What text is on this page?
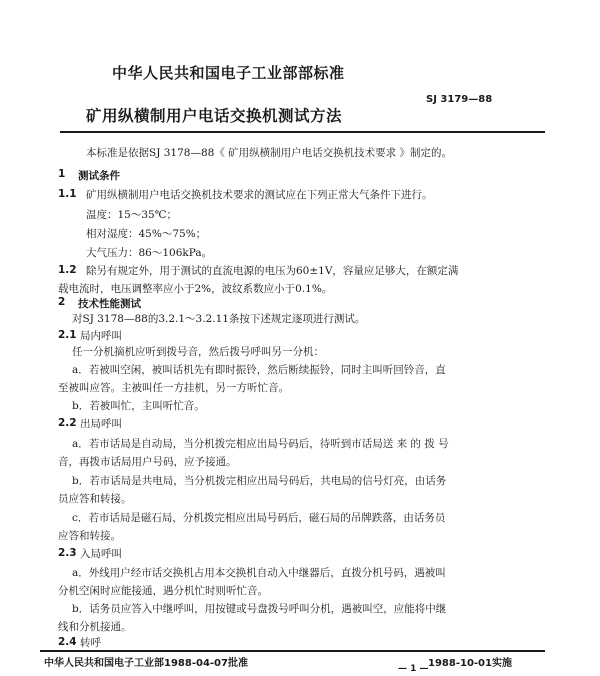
中华人民共和国电子工业部部标准
矿用纵横制用户电话交换机测试方法
SJ 3179—88
本标准是依据SJ 3178—88《 矿用纵横制用户电话交换机技术要求 》制定的。
1 测试条件
1.1 矿用纵横制用户电话交换机技术要求的测试应在下列正常大气条件下进行。
温度：15～35℃；
相对湿度：45%～75%；
大气压力：86～106kPa。
1.2 除另有规定外，用于测试的直流电源的电压为60±1V，容量应足够大，在额定满
载电流时，电压调整率应小于2%，波纹系数应小于0.1%。
2 技术性能测试
对SJ 3178—88的3.2.1～3.2.11条按下述规定逐项进行测试。
2.1 局内呼叫
任一分机摘机应听到拨号音，然后拨号呼叫另一分机：
a．若被叫空闲，被叫话机先有即时振铃，然后断续振铃，同时主叫听回铃音，直
至被叫应答。主被叫任一方挂机，另一方听忙音。
b．若被叫忙，主叫听忙音。
2.2 出局呼叫
a．若市话局是自动局，当分机拨完相应出局号码后，待听到市话局送 来 的 拨 号
音，再拨市话局用户号码，应予接通。
b．若市话局是共电局，当分机拨完相应出局号码后，共电局的信号灯亮，由话务
员应答和转接。
c．若市话局是磁石局，分机拨完相应出局号码后，磁石局的吊牌跌落，由话务员
应答和转接。
2.3 入局呼叫
a．外线用户经市话交换机占用本交换机自动入中继器后，直拨分机号码，遇被叫
分机空闲时应能接通，遇分机忙时则听忙音。
b．话务员应答入中继呼叫，用按键或号盘拨号呼叫分机，遇被叫空，应能将中继
线和分机接通。
2.4 转呼
中华人民共和国电子工业部1988-04-07批准	1988-10-01实施
— 1 —
